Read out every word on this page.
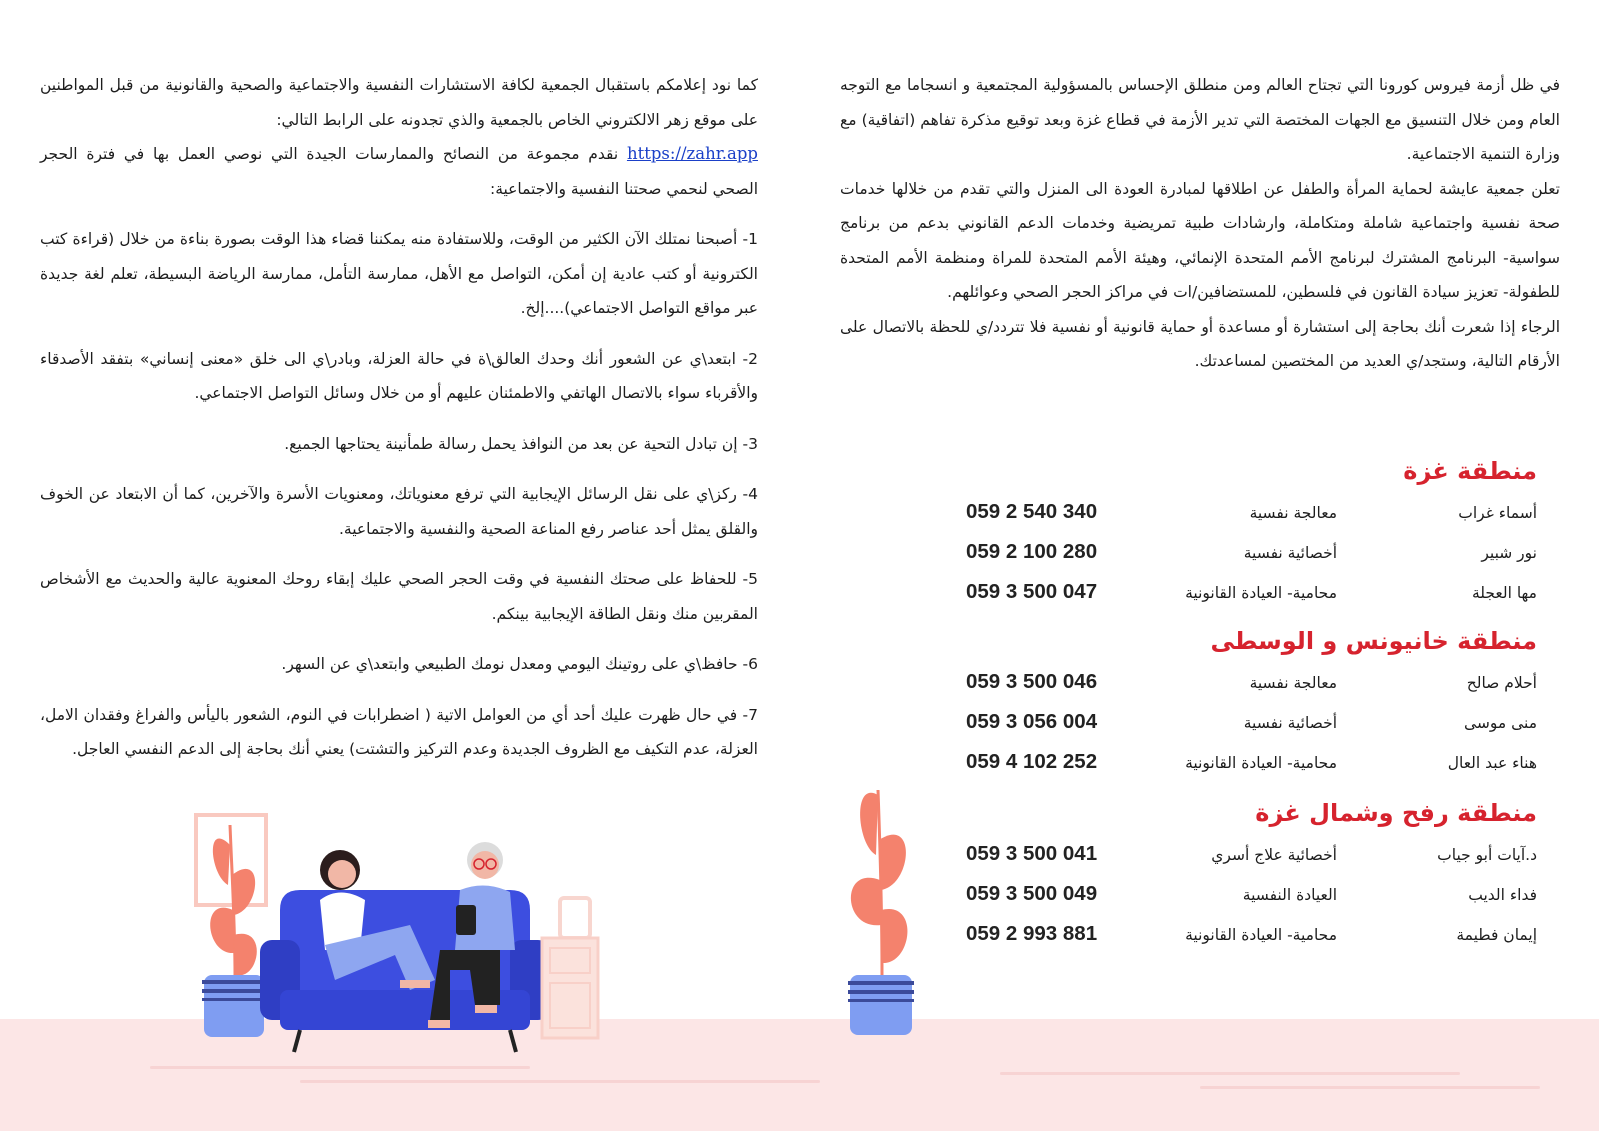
كما نود إعلامكم باستقبال الجمعية لكافة الاستشارات النفسية والاجتماعية والصحية والقانونية من قبل المواطنين على موقع زهر الالكتروني الخاص بالجمعية والذي تجدونه على الرابط التالي:

https://zahr.app نقدم مجموعة من النصائح والممارسات الجيدة التي نوصي العمل بها في فترة الحجر الصحي لنحمي صحتنا النفسية والاجتماعية:

1- أصبحنا نمتلك الآن الكثير من الوقت، وللاستفادة منه يمكننا قضاء هذا الوقت بصورة بناءة من خلال (قراءة كتب الكترونية أو كتب عادية إن أمكن، التواصل مع الأهل، ممارسة التأمل، ممارسة الرياضة البسيطة، تعلم لغة جديدة عبر مواقع التواصل الاجتماعي)....إلخ.

2- ابتعد\ي عن الشعور أنك وحدك العالق\ة في حالة العزلة، وبادر\ي الى خلق «معنى إنساني» بتفقد الأصدقاء والأقرباء سواء بالاتصال الهاتفي والاطمئنان عليهم أو من خلال وسائل التواصل الاجتماعي.

3- إن تبادل التحية عن بعد من النوافذ يحمل رسالة طمأنينة يحتاجها الجميع.

4- ركز\ي على نقل الرسائل الإيجابية التي ترفع معنوياتك، ومعنويات الأسرة والآخرين، كما أن الابتعاد عن الخوف والقلق يمثل أحد عناصر رفع المناعة الصحية والنفسية والاجتماعية.

5- للحفاظ على صحتك النفسية في وقت الحجر الصحي عليك إبقاء روحك المعنوية عالية والحديث مع الأشخاص المقربين منك ونقل الطاقة الإيجابية بينكم.

6- حافظ\ي على روتينك اليومي ومعدل نومك الطبيعي وابتعد\ي عن السهر.

7- في حال ظهرت عليك أحد أي من العوامل الاتية ( اضطرابات في النوم، الشعور باليأس والفراغ وفقدان الامل، العزلة، عدم التكيف مع الظروف الجديدة وعدم التركيز والتشتت) يعني أنك بحاجة إلى الدعم النفسي العاجل.

في ظل أزمة فيروس كورونا التي تجتاح العالم ومن منطلق الإحساس بالمسؤولية المجتمعية و انسجاما مع التوجه العام ومن خلال التنسيق مع الجهات المختصة التي تدير الأزمة في قطاع غزة وبعد توقيع مذكرة تفاهم (اتفاقية) مع وزارة التنمية الاجتماعية.

تعلن جمعية عايشة لحماية المرأة والطفل عن اطلاقها لمبادرة العودة الى المنزل والتي تقدم من خلالها خدمات صحة نفسية واجتماعية شاملة ومتكاملة، وارشادات طبية تمريضية وخدمات الدعم القانوني بدعم من برنامج سواسية- البرنامج المشترك لبرنامج الأمم المتحدة الإنمائي، وهيئة الأمم المتحدة للمراة ومنظمة الأمم المتحدة للطفولة- تعزيز سيادة القانون في فلسطين، للمستضافين/ات في مراكز الحجر الصحي وعوائلهم.

الرجاء إذا شعرت أنك بحاجة إلى استشارة أو مساعدة أو حماية قانونية أو نفسية فلا تتردد/ي للحظة بالاتصال على الأرقام التالية، وستجد/ي العديد من المختصين لمساعدتك.

منطقة غزة
أسماء غراب
معالجة نفسية
059 2 540 340
نور شبير
أخصائية نفسية
059 2 100 280
مها العجلة
محامية- العيادة القانونية
059 3 500 047
منطقة خانيونس و الوسطى
أحلام صالح
معالجة نفسية
059 3 500 046
منى موسى
أخصائية نفسية
059 3 056 004
هناء عبد العال
محامية- العيادة القانونية
059 4 102 252
منطقة رفح وشمال غزة
د.آيات أبو جياب
أخصائية علاج أسري
059 3 500 041
فداء الديب
العيادة النفسية
059 3 500 049
إيمان فطيمة
محامية- العيادة القانونية
059 2 993 881
